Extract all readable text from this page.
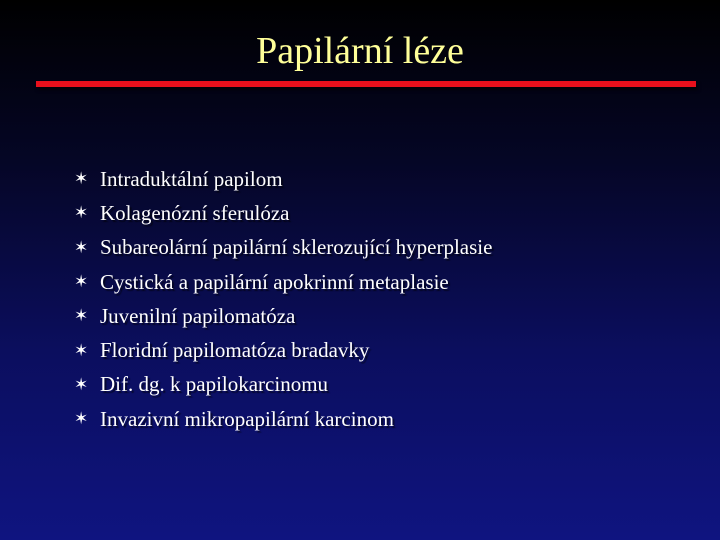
Papilární léze
✶ Intraduktální papilom
✶ Kolagenózní sferulóza
✶ Subareolární papilární sklerozující hyperplasie
✶ Cystická a papilární apokrinní metaplasie
✶ Juvenilní papilomatóza
✶ Floridní papilomatóza bradavky
✶ Dif. dg. k papilokarcinomu
✶ Invazivní mikropapilární karcinom
